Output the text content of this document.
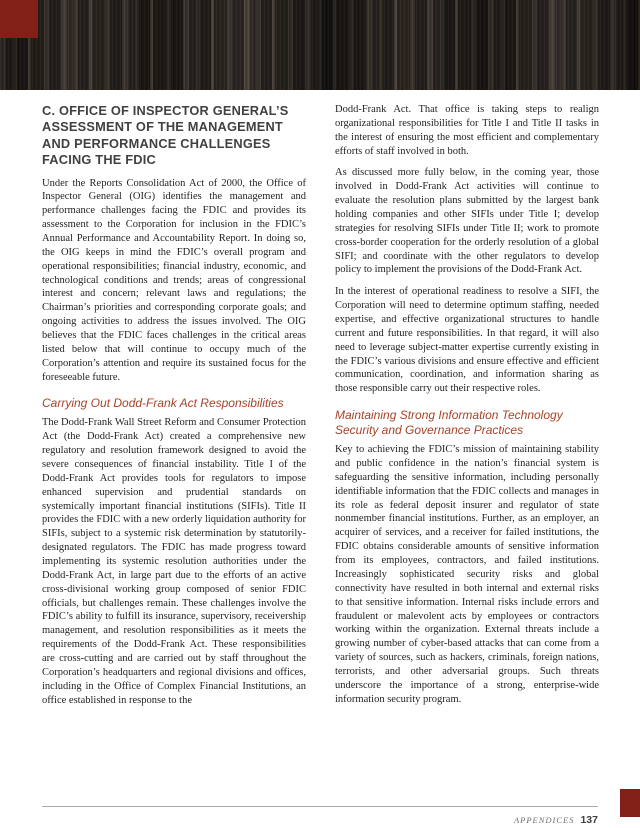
C. OFFICE OF INSPECTOR GENERAL’S ASSESSMENT OF THE MANAGEMENT AND PERFORMANCE CHALLENGES FACING THE FDIC

Under the Reports Consolidation Act of 2000, the Office of Inspector General (OIG) identifies the management and performance challenges facing the FDIC and provides its assessment to the Corporation for inclusion in the FDIC’s Annual Performance and Accountability Report. In doing so, the OIG keeps in mind the FDIC’s overall program and operational responsibilities; financial industry, economic, and technological conditions and trends; areas of congressional interest and concern; relevant laws and regulations; the Chairman’s priorities and corresponding corporate goals; and ongoing activities to address the issues involved. The OIG believes that the FDIC faces challenges in the critical areas listed below that will continue to occupy much of the Corporation’s attention and require its sustained focus for the foreseeable future.

Carrying Out Dodd-Frank Act Responsibilities

The Dodd-Frank Wall Street Reform and Consumer Protection Act (the Dodd-Frank Act) created a comprehensive new regulatory and resolution framework designed to avoid the severe consequences of financial instability. Title I of the Dodd-Frank Act provides tools for regulators to impose enhanced supervision and prudential standards on systemically important financial institutions (SIFIs). Title II provides the FDIC with a new orderly liquidation authority for SIFIs, subject to a systemic risk determination by statutorily-designated regulators. The FDIC has made progress toward implementing its systemic resolution authorities under the Dodd-Frank Act, in large part due to the efforts of an active cross-divisional working group composed of senior FDIC officials, but challenges remain. These challenges involve the FDIC’s ability to fulfill its insurance, supervisory, receivership management, and resolution responsibilities as it meets the requirements of the Dodd-Frank Act. These responsibilities are cross-cutting and are carried out by staff throughout the Corporation’s headquarters and regional divisions and offices, including in the Office of Complex Financial Institutions, an office established in response to the

Dodd-Frank Act. That office is taking steps to realign organizational responsibilities for Title I and Title II tasks in the interest of ensuring the most efficient and complementary efforts of staff involved in both.

As discussed more fully below, in the coming year, those involved in Dodd-Frank Act activities will continue to evaluate the resolution plans submitted by the largest bank holding companies and other SIFIs under Title I; develop strategies for resolving SIFIs under Title II; work to promote cross-border cooperation for the orderly resolution of a global SIFI; and coordinate with the other regulators to develop policy to implement the provisions of the Dodd-Frank Act.

In the interest of operational readiness to resolve a SIFI, the Corporation will need to determine optimum staffing, needed expertise, and effective organizational structures to handle current and future responsibilities. In that regard, it will also need to leverage subject-matter expertise currently existing in the FDIC’s various divisions and ensure effective and efficient communication, coordination, and information sharing as those responsible carry out their respective roles.

Maintaining Strong Information Technology Security and Governance Practices

Key to achieving the FDIC’s mission of maintaining stability and public confidence in the nation’s financial system is safeguarding the sensitive information, including personally identifiable information that the FDIC collects and manages in its role as federal deposit insurer and regulator of state nonmember financial institutions. Further, as an employer, an acquirer of services, and a receiver for failed institutions, the FDIC obtains considerable amounts of sensitive information from its employees, contractors, and failed institutions. Increasingly sophisticated security risks and global connectivity have resulted in both internal and external risks to that sensitive information. Internal risks include errors and fraudulent or malevolent acts by employees or contractors working within the organization. External threats include a growing number of cyber-based attacks that can come from a variety of sources, such as hackers, criminals, foreign nations, terrorists, and other adversarial groups. Such threats underscore the importance of a strong, enterprise-wide information security program.

APPENDICES 137
